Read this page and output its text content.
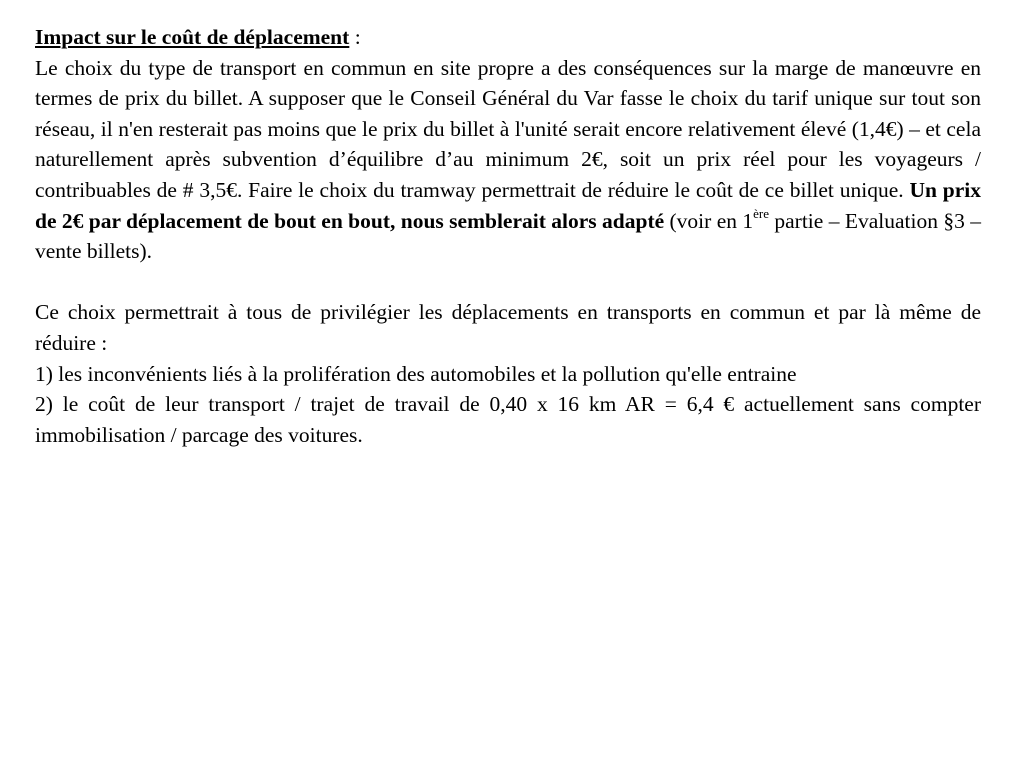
Impact sur le coût de déplacement :

Le choix du type de transport en commun en site propre a des conséquences sur la marge de manœuvre en termes de prix du billet. A supposer que le Conseil Général du Var fasse le choix du tarif unique sur tout son réseau, il n'en resterait pas moins que le prix du billet à l'unité serait encore relativement élevé (1,4€) – et cela naturellement après subvention d’équilibre d’au minimum 2€, soit un prix réel pour les voyageurs / contribuables de # 3,5€. Faire le choix du tramway permettrait de réduire le coût de ce billet unique. Un prix de 2€ par déplacement de bout en bout, nous semblerait alors adapté (voir en 1ère partie – Evaluation §3 – vente billets).

Ce choix permettrait à tous de privilégier les déplacements en transports en commun et par là même de réduire :

1) les inconvénients liés à la prolifération des automobiles et la pollution qu'elle entraine

2) le coût de leur transport / trajet de travail de 0,40 x 16 km AR = 6,4 € actuellement sans compter immobilisation / parcage des voitures.
